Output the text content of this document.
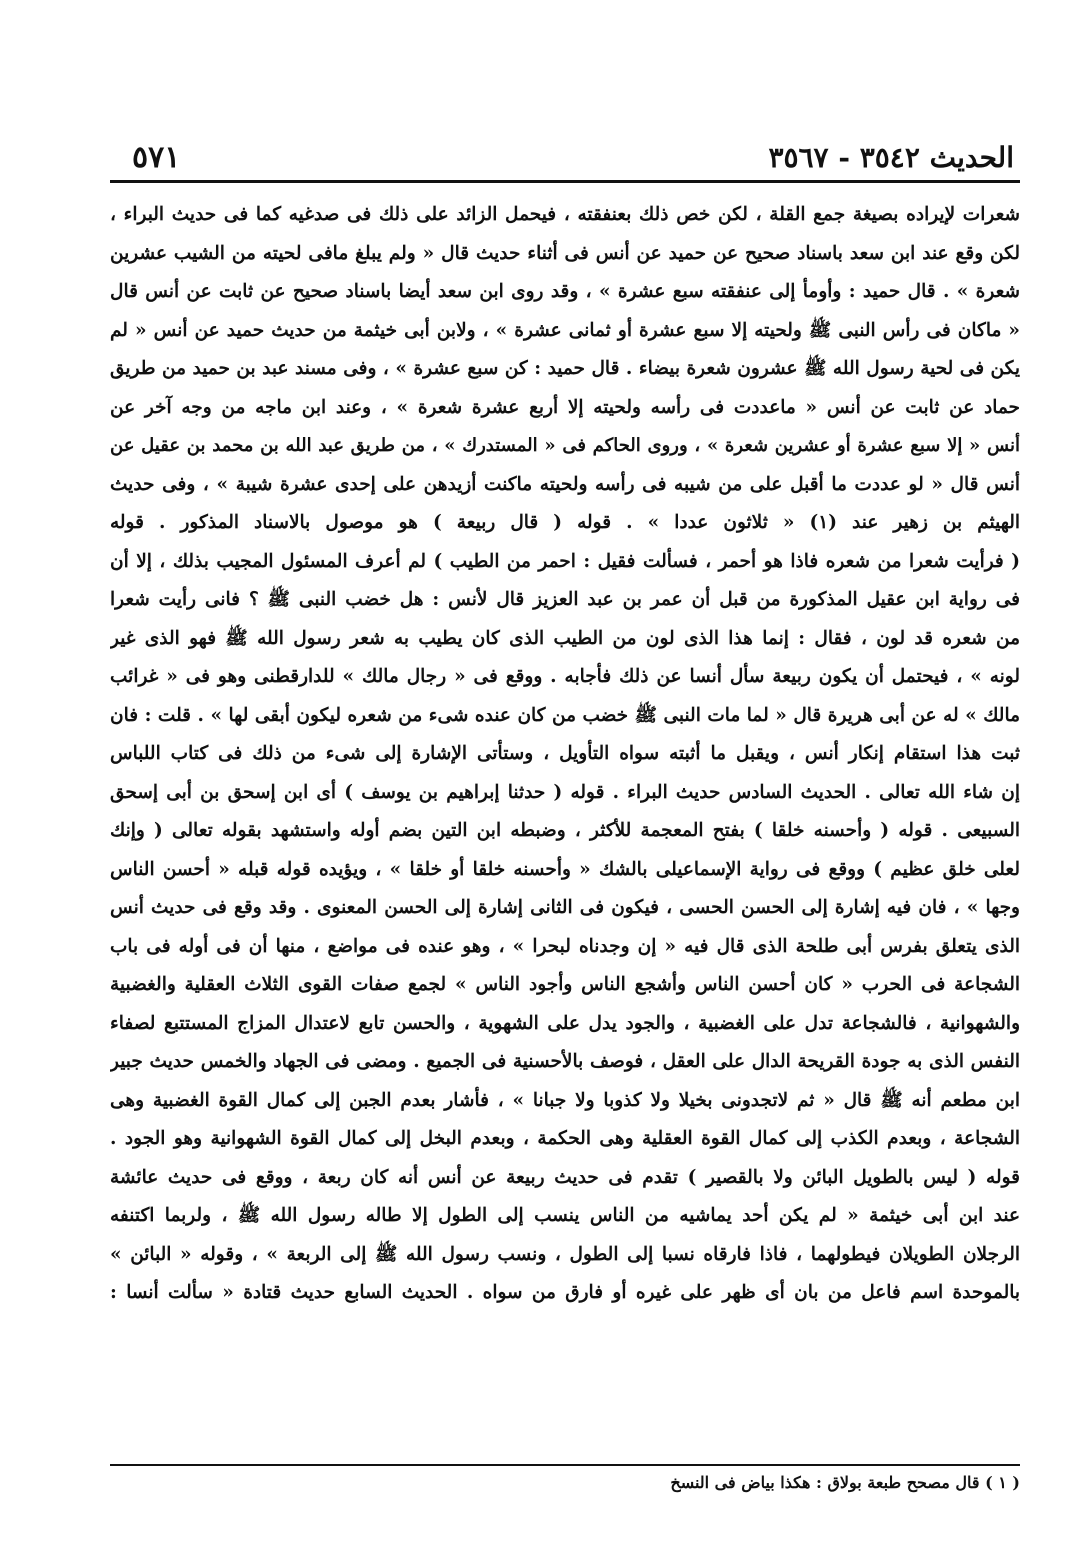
الحديث ٣٥٤٢ - ٣٥٦٧
٥٧١
شعرات لإيراده بصيغة جمع القلة ، لكن خص ذلك بعنفقته ، فيحمل الزائد على ذلك فى صدغيه كما فى حديث البراء ،
لكن وقع عند ابن سعد باسناد صحيح عن حميد عن أنس فى أثناء حديث قال « ولم يبلغ مافى لحيته من الشيب عشرين
شعرة » . قال حميد : وأومأ إلى عنفقته سبع عشرة » ، وقد روى ابن سعد أيضا باسناد صحيح عن ثابت عن أنس قال
« ماكان فى رأس النبى ﷺ ولحيته إلا سبع عشرة أو ثمانى عشرة » ، ولابن أبى خيثمة من حديث حميد عن أنس « لم
يكن فى لحية رسول الله ﷺ عشرون شعرة بيضاء . قال حميد : كن سبع عشرة » ، وفى مسند عبد بن حميد من طريق
حماد عن ثابت عن أنس « ماعددت فى رأسه ولحيته إلا أربع عشرة شعرة » ، وعند ابن ماجه من وجه آخر عن
أنس « إلا سبع عشرة أو عشرين شعرة » ، وروى الحاكم فى « المستدرك » ، من طريق عبد الله بن محمد بن عقيل عن
أنس قال « لو عددت ما أقبل على من شيبه فى رأسه ولحيته ماكنت أزيدهن على إحدى عشرة شيبة » ، وفى حديث
الهيثم بن زهير عند (١) « ثلاثون عددا » . قوله ( قال ربيعة ) هو موصول بالاسناد المذكور . قوله
( فرأيت شعرا من شعره فاذا هو أحمر ، فسألت فقيل : احمر من الطيب ) لم أعرف المسئول المجيب بذلك ، إلا أن
فى رواية ابن عقيل المذكورة من قبل أن عمر بن عبد العزيز قال لأنس : هل خضب النبى ﷺ ؟ فانى رأيت شعرا
من شعره قد لون ، فقال : إنما هذا الذى لون من الطيب الذى كان يطيب به شعر رسول الله ﷺ فهو الذى غير
لونه » ، فيحتمل أن يكون ربيعة سأل أنسا عن ذلك فأجابه . ووقع فى « رجال مالك » للدارقطنى وهو فى « غرائب
مالك » له عن أبى هريرة قال « لما مات النبى ﷺ خضب من كان عنده شىء من شعره ليكون أبقى لها » . قلت : فان
ثبت هذا استقام إنكار أنس ، ويقبل ما أثبته سواه التأويل ، وستأتى الإشارة إلى شىء من ذلك فى كتاب اللباس
إن شاء الله تعالى . الحديث السادس حديث البراء . قوله ( حدثنا إبراهيم بن يوسف ) أى ابن إسحق بن أبى إسحق
السبيعى . قوله ( وأحسنه خلقا ) بفتح المعجمة للأكثر ، وضبطه ابن التين بضم أوله واستشهد بقوله تعالى ( وإنك
لعلى خلق عظيم ) ووقع فى رواية الإسماعيلى بالشك « وأحسنه خلقا أو خلقا » ، ويؤيده قوله قبله « أحسن الناس
وجها » ، فان فيه إشارة إلى الحسن الحسى ، فيكون فى الثانى إشارة إلى الحسن المعنوى . وقد وقع فى حديث أنس
الذى يتعلق بفرس أبى طلحة الذى قال فيه « إن وجدناه لبحرا » ، وهو عنده فى مواضع ، منها أن فى أوله فى باب
الشجاعة فى الحرب « كان أحسن الناس وأشجع الناس وأجود الناس » لجمع صفات القوى الثلاث العقلية والغضبية
والشهوانية ، فالشجاعة تدل على الغضبية ، والجود يدل على الشهوية ، والحسن تابع لاعتدال المزاج المستتبع لصفاء
النفس الذى به جودة القريحة الدال على العقل ، فوصف بالأحسنية فى الجميع . ومضى فى الجهاد والخمس حديث جبير
ابن مطعم أنه ﷺ قال « ثم لاتجدونى بخيلا ولا كذوبا ولا جبانا » ، فأشار بعدم الجبن إلى كمال القوة الغضبية وهى
الشجاعة ، وبعدم الكذب إلى كمال القوة العقلية وهى الحكمة ، وبعدم البخل إلى كمال القوة الشهوانية وهو الجود .
قوله ( ليس بالطويل البائن ولا بالقصير ) تقدم فى حديث ربيعة عن أنس أنه كان ربعة ، ووقع فى حديث عائشة
عند ابن أبى خيثمة « لم يكن أحد يماشيه من الناس ينسب إلى الطول إلا طاله رسول الله ﷺ ، ولربما اكتنفه
الرجلان الطويلان فيطولهما ، فاذا فارقاه نسبا إلى الطول ، ونسب رسول الله ﷺ إلى الربعة » ، وقوله « البائن »
بالموحدة اسم فاعل من بان أى ظهر على غيره أو فارق من سواه . الحديث السابع حديث قتادة « سألت أنسا :
( ١ ) قال مصحح طبعة بولاق : هكذا بياض فى النسخ
